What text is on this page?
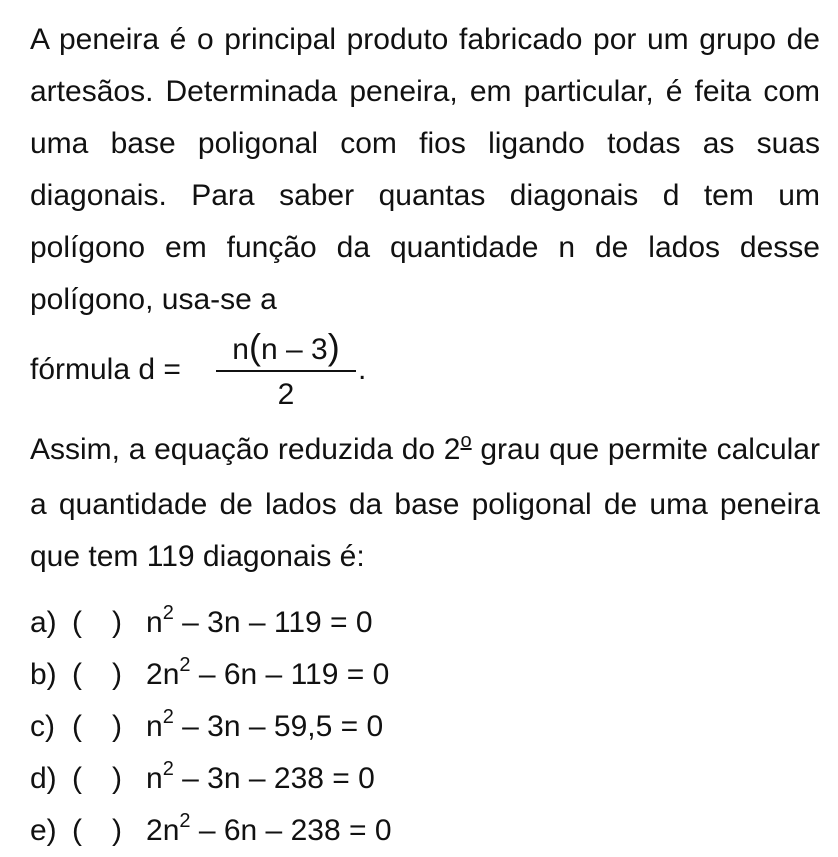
A peneira é o principal produto fabricado por um grupo de artesãos. Determinada peneira, em particular, é feita com uma base poligonal com fios ligando todas as suas diagonais. Para saber quantas diagonais d tem um polígono em função da quantidade n de lados desse polígono, usa-se a

fórmula d =
n(n – 3)
2
.

Assim, a equação reduzida do 2$^o$ grau que permite calcular a quantidade de lados da base poligonal de uma peneira que tem 119 diagonais é:

a) ( ) $n^2 - 3n - 119 = 0$
b) ( ) $2n^2 - 6n - 119 = 0$
c) ( ) $n^2 - 3n - 59,5 = 0$
d) ( ) $n^2 - 3n - 238 = 0$
e) ( ) $2n^2 - 6n - 238 = 0$
